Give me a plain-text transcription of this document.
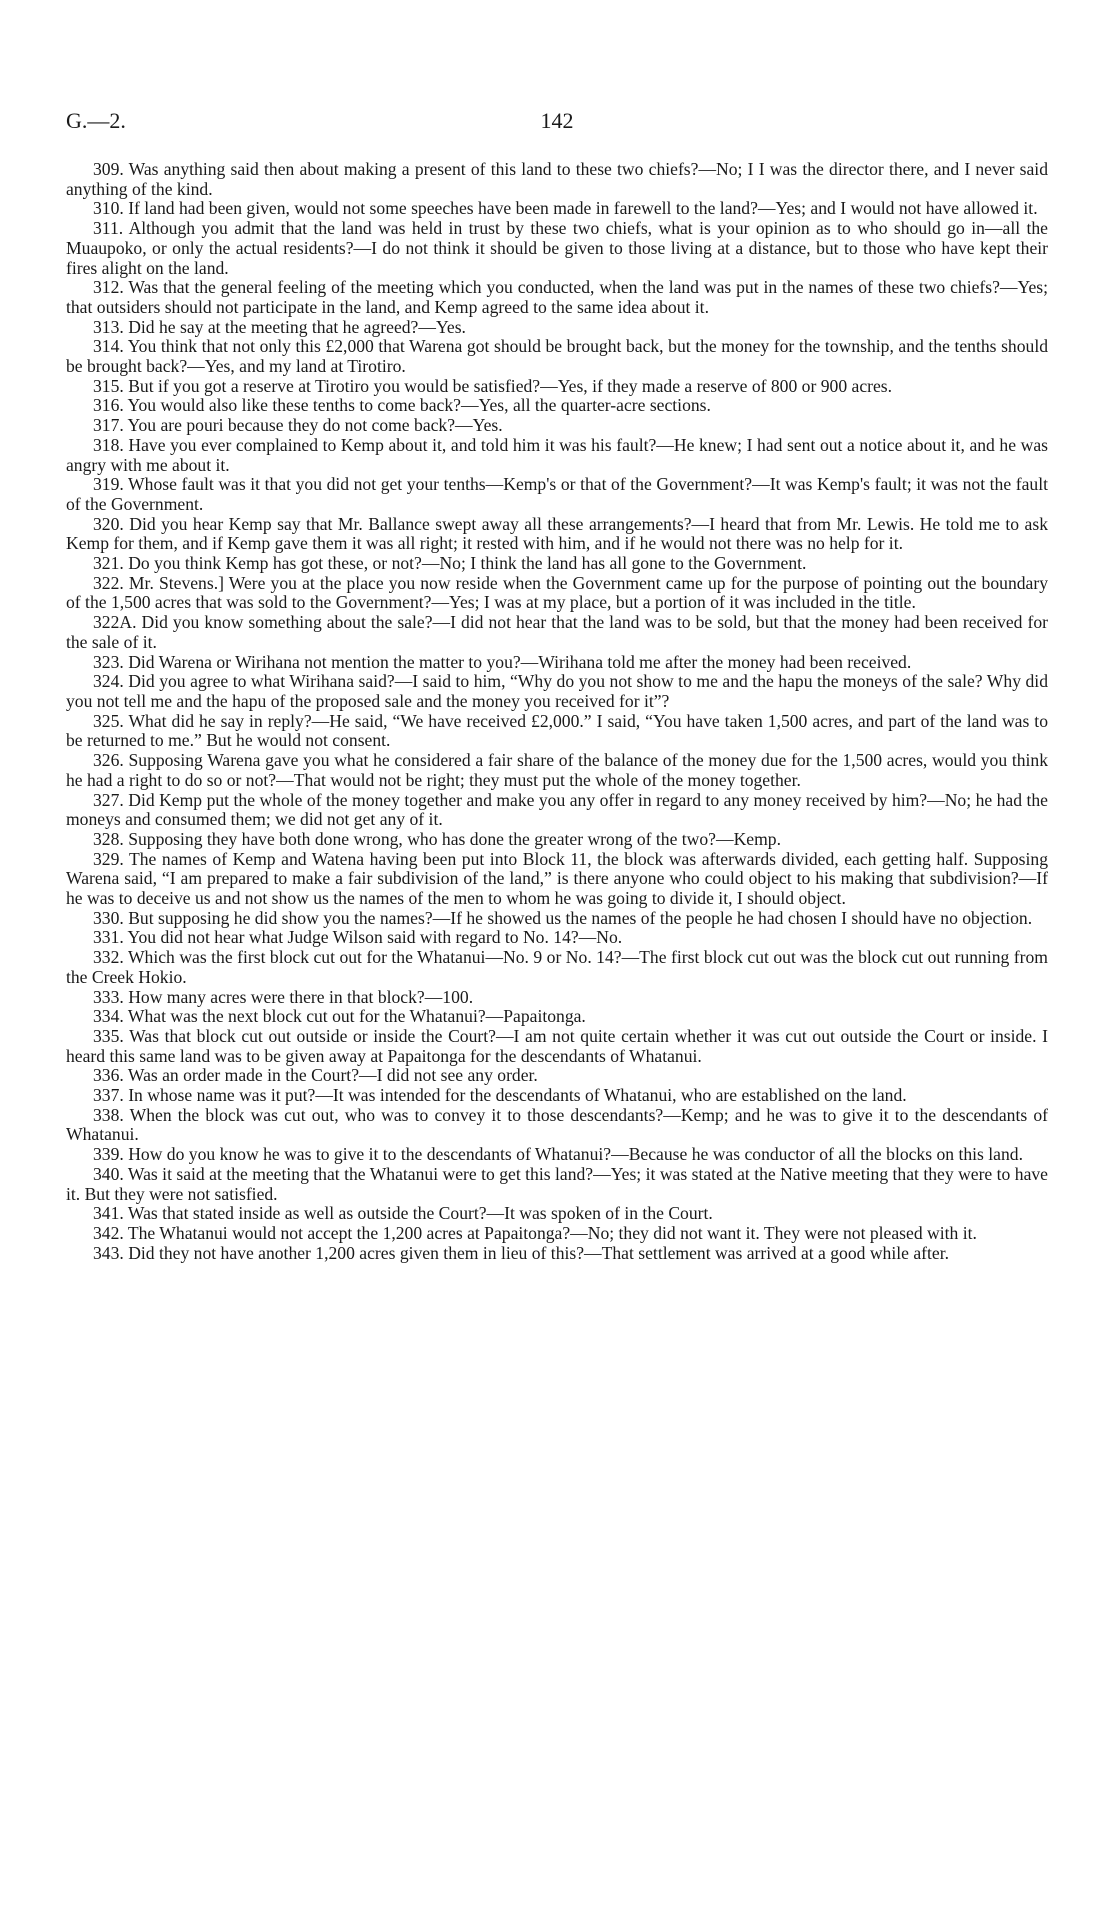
G.—2.	142

309. Was anything said then about making a present of this land to these two chiefs?—No; I I was the director there, and I never said anything of the kind.

310. If land had been given, would not some speeches have been made in farewell to the land?—Yes; and I would not have allowed it.

311. Although you admit that the land was held in trust by these two chiefs, what is your opinion as to who should go in—all the Muaupoko, or only the actual residents?—I do not think it should be given to those living at a distance, but to those who have kept their fires alight on the land.

312. Was that the general feeling of the meeting which you conducted, when the land was put in the names of these two chiefs?—Yes; that outsiders should not participate in the land, and Kemp agreed to the same idea about it.

313. Did he say at the meeting that he agreed?—Yes.

314. You think that not only this £2,000 that Warena got should be brought back, but the money for the township, and the tenths should be brought back?—Yes, and my land at Tirotiro.

315. But if you got a reserve at Tirotiro you would be satisfied?—Yes, if they made a reserve of 800 or 900 acres.

316. You would also like these tenths to come back?—Yes, all the quarter-acre sections.

317. You are pouri because they do not come back?—Yes.

318. Have you ever complained to Kemp about it, and told him it was his fault?—He knew; I had sent out a notice about it, and he was angry with me about it.

319. Whose fault was it that you did not get your tenths—Kemp's or that of the Government?—It was Kemp's fault; it was not the fault of the Government.

320. Did you hear Kemp say that Mr. Ballance swept away all these arrangements?—I heard that from Mr. Lewis. He told me to ask Kemp for them, and if Kemp gave them it was all right; it rested with him, and if he would not there was no help for it.

321. Do you think Kemp has got these, or not?—No; I think the land has all gone to the Government.

322. Mr. Stevens.] Were you at the place you now reside when the Government came up for the purpose of pointing out the boundary of the 1,500 acres that was sold to the Government?—Yes; I was at my place, but a portion of it was included in the title.

322A. Did you know something about the sale?—I did not hear that the land was to be sold, but that the money had been received for the sale of it.

323. Did Warena or Wirihana not mention the matter to you?—Wirihana told me after the money had been received.

324. Did you agree to what Wirihana said?—I said to him, “Why do you not show to me and the hapu the moneys of the sale? Why did you not tell me and the hapu of the proposed sale and the money you received for it”?

325. What did he say in reply?—He said, “We have received £2,000.” I said, “You have taken 1,500 acres, and part of the land was to be returned to me.” But he would not consent.

326. Supposing Warena gave you what he considered a fair share of the balance of the money due for the 1,500 acres, would you think he had a right to do so or not?—That would not be right; they must put the whole of the money together.

327. Did Kemp put the whole of the money together and make you any offer in regard to any money received by him?—No; he had the moneys and consumed them; we did not get any of it.

328. Supposing they have both done wrong, who has done the greater wrong of the two?—Kemp.

329. The names of Kemp and Watena having been put into Block 11, the block was afterwards divided, each getting half. Supposing Warena said, “I am prepared to make a fair subdivision of the land,” is there anyone who could object to his making that subdivision?—If he was to deceive us and not show us the names of the men to whom he was going to divide it, I should object.

330. But supposing he did show you the names?—If he showed us the names of the people he had chosen I should have no objection.

331. You did not hear what Judge Wilson said with regard to No. 14?—No.

332. Which was the first block cut out for the Whatanui—No. 9 or No. 14?—The first block cut out was the block cut out running from the Creek Hokio.

333. How many acres were there in that block?—100.

334. What was the next block cut out for the Whatanui?—Papaitonga.

335. Was that block cut out outside or inside the Court?—I am not quite certain whether it was cut out outside the Court or inside. I heard this same land was to be given away at Papaitonga for the descendants of Whatanui.

336. Was an order made in the Court?—I did not see any order.

337. In whose name was it put?—It was intended for the descendants of Whatanui, who are established on the land.

338. When the block was cut out, who was to convey it to those descendants?—Kemp; and he was to give it to the descendants of Whatanui.

339. How do you know he was to give it to the descendants of Whatanui?—Because he was conductor of all the blocks on this land.

340. Was it said at the meeting that the Whatanui were to get this land?—Yes; it was stated at the Native meeting that they were to have it. But they were not satisfied.

341. Was that stated inside as well as outside the Court?—It was spoken of in the Court.

342. The Whatanui would not accept the 1,200 acres at Papaitonga?—No; they did not want it. They were not pleased with it.

343. Did they not have another 1,200 acres given them in lieu of this?—That settlement was arrived at a good while after.
